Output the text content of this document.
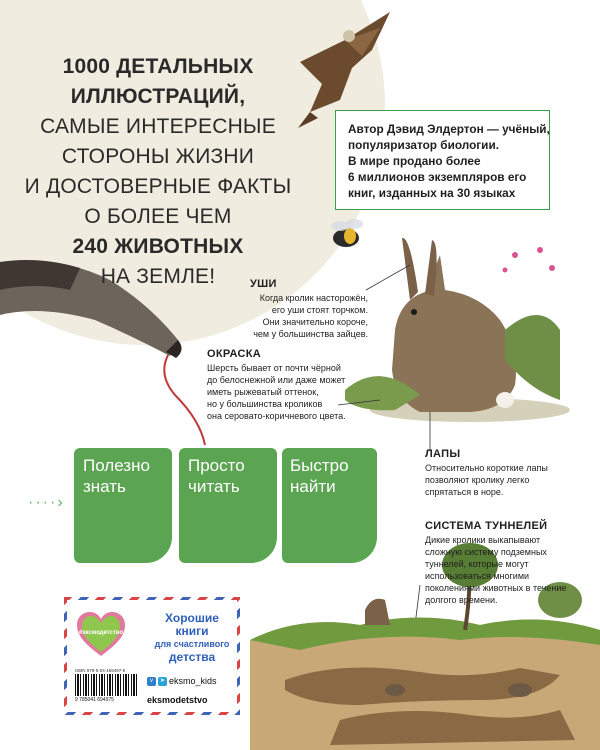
1000 ДЕТАЛЬНЫХ
ИЛЛЮСТРАЦИЙ,
САМЫЕ ИНТЕРЕСНЫЕ
СТОРОНЫ ЖИЗНИ
И ДОСТОВЕРНЫЕ ФАКТЫ
О БОЛЕЕ ЧЕМ
240 ЖИВОТНЫХ
НА ЗЕМЛЕ!
Автор Дэвид Элдертон — учёный,
популяризатор биологии.
В мире продано более
6 миллионов экземпляров его
книг, изданных на 30 языках
УШИ
Когда кролик насторожён,
его уши стоят торчком.
Они значительно короче,
чем у большинства зайцев.
ОКРАСКА
Шерсть бывает от почти чёрной
до белоснежной или даже может
иметь рыжеватый оттенок,
но у большинства кроликов
она серовато-коричневого цвета.
ЛАПЫ
Относительно короткие лапы
позволяют кролику легко
спрятаться в норе.
СИСТЕМА ТУННЕЛЕЙ
Дикие кролики выкапывают
сложную систему подземных
туннелей, которые могут
использоваться многими
поколениями животных в течение
долгого времени.
····›
Полезно
знать
Просто
читать
Быстро
найти
#эксмодетство
Хорошие
книги
для счастливого
детства
ISBN 978-5-04-169497-5
9 785041 694975
v ➤ eksmo_kids
eksmodetstvo
